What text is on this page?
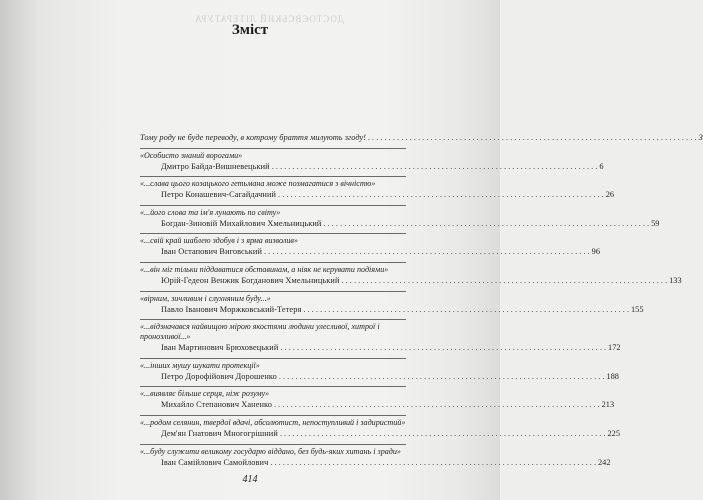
ДОСТОЄВСЬКИЙ ЛІТЕРАТУРА
Зміст
Тому роду не буде переводу, в котрому браття милують згоду! . . .	3
«Особисто знаний ворогами»
Дмитро Байда-Вишневецький . . .	6
«...слава цього козацького гетьмана може позмагатися з вічністю»
Петро Конашевич-Сагайдачний . . .	26
«...його слова та ім'я лунають по світу»
Богдан-Зиновій Михайлович Хмельницький . . .	59
«...свій край шаблею здобув і з ярма визволив»
Іван Остапович Виговський . . .	96
«...він міг тільки піддаватися обставинам, а ніяк не керувати подіями»
Юрій-Гедеон Венжик Богданович Хмельницький . . .	133
«вірним, зичливим і слухняним буду...»
Павло Іванович Моржковський-Тетеря . . .	155
«...відзначався найвищою мірою якостями людини улесливої, хитрої і пронозливої...»
Іван Мартинович Брюховецький . . .	172
«...інших мушу шукати протекції»
Петро Дорофійович Дорошенко . . .	188
«...виявляє більше серця, ніж розуму»
Михайло Степанович Ханенко . . .	213
«...родом селянин, твердої вдачі, абсолютист, непоступливий і задиристий»
Дем'ян Гнатович Многогрішний . . .	225
«...буду служити великому государю віддано, без будь-яких хитань і зради»
Іван Самійлович Самойлович . . .	242
414
